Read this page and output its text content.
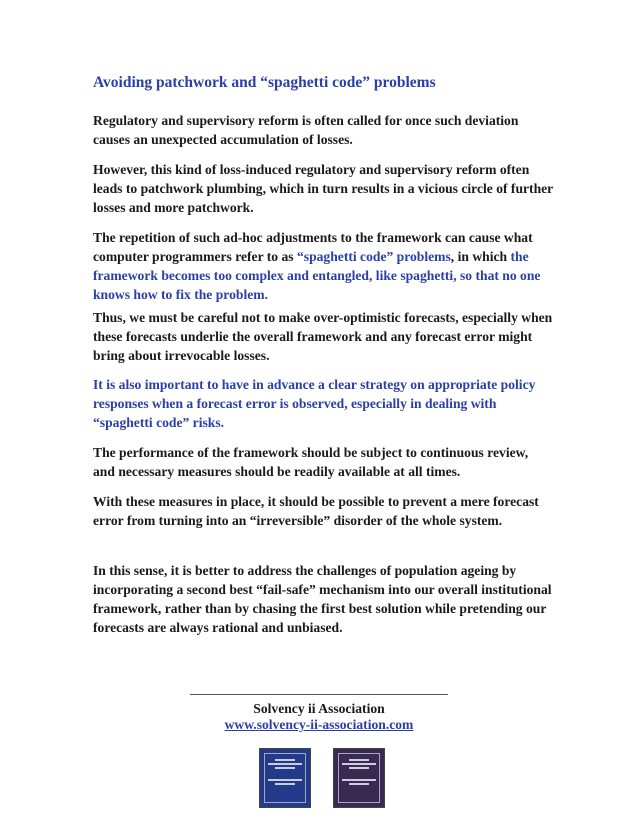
Avoiding patchwork and “spaghetti code” problems

Regulatory and supervisory reform is often called for once such deviation causes an unexpected accumulation of losses.

However, this kind of loss-induced regulatory and supervisory reform often leads to patchwork plumbing, which in turn results in a vicious circle of further losses and more patchwork.

The repetition of such ad-hoc adjustments to the framework can cause what computer programmers refer to as “spaghetti code” problems, in which the framework becomes too complex and entangled, like spaghetti, so that no one knows how to fix the problem.

Thus, we must be careful not to make over-optimistic forecasts, especially when these forecasts underlie the overall framework and any forecast error might bring about irrevocable losses.

It is also important to have in advance a clear strategy on appropriate policy responses when a forecast error is observed, especially in dealing with “spaghetti code” risks.

The performance of the framework should be subject to continuous review, and necessary measures should be readily available at all times.

With these measures in place, it should be possible to prevent a mere forecast error from turning into an “irreversible” disorder of the whole system.

In this sense, it is better to address the challenges of population ageing by incorporating a second best “fail-safe” mechanism into our overall institutional framework, rather than by chasing the first best solution while pretending our forecasts are always rational and unbiased.

Solvency ii Association
www.solvency-ii-association.com
